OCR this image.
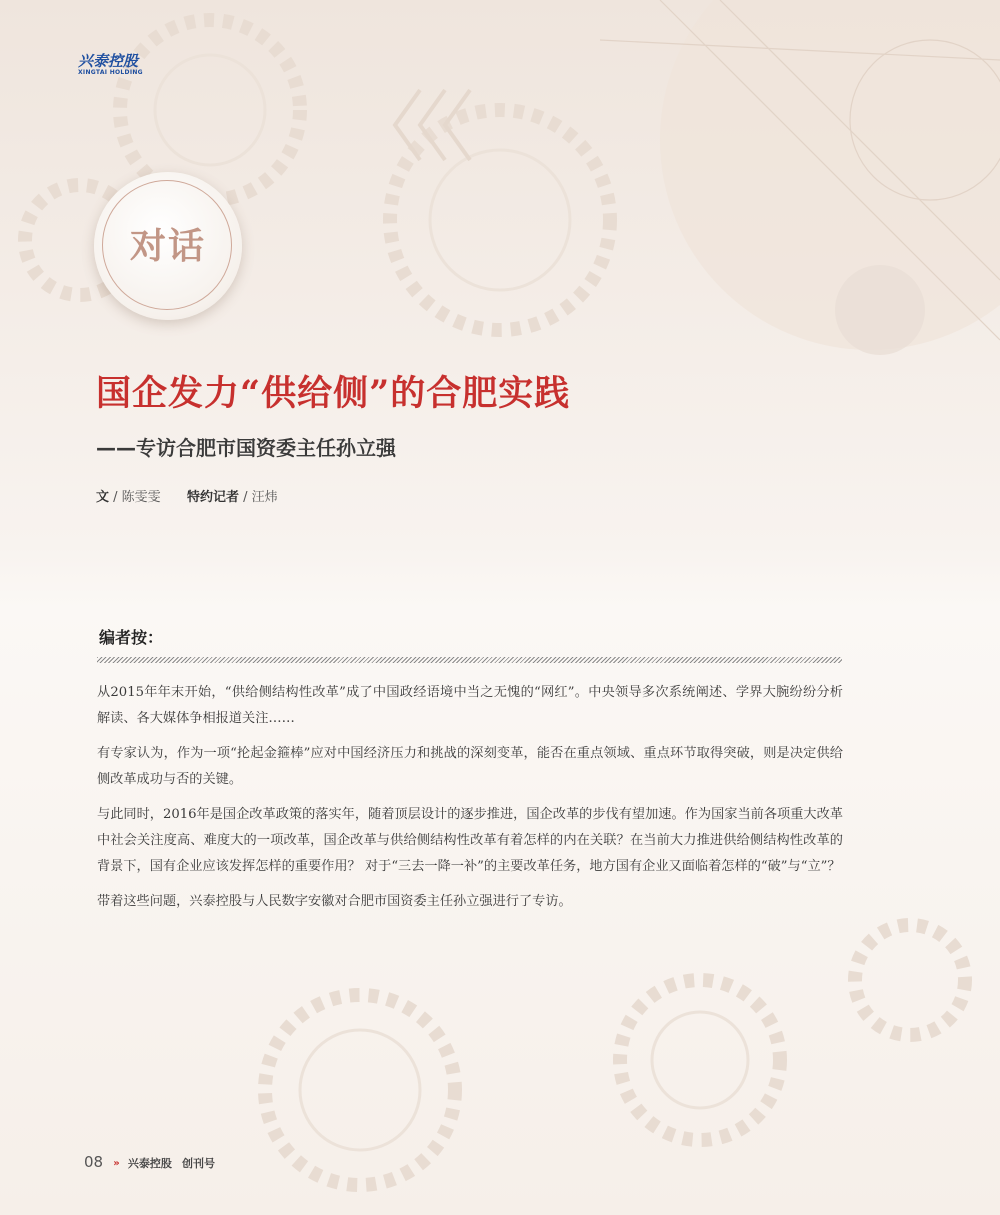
兴泰控股
XINGTAI HOLDING
对话
国企发力“供给侧”的合肥实践
——专访合肥市国资委主任孙立强
文 / 陈雯雯 特约记者 / 汪炜
编者按：

从2015年年末开始，“供给侧结构性改革”成了中国政经语境中当之无愧的“网红”。中央领导多次系统阐述、学界大腕纷纷分析解读、各大媒体争相报道关注……

有专家认为，作为一项“抡起金箍棒”应对中国经济压力和挑战的深刻变革，能否在重点领域、重点环节取得突破，则是决定供给侧改革成功与否的关键。

与此同时，2016年是国企改革政策的落实年，随着顶层设计的逐步推进，国企改革的步伐有望加速。作为国家当前各项重大改革中社会关注度高、难度大的一项改革，国企改革与供给侧结构性改革有着怎样的内在关联？在当前大力推进供给侧结构性改革的背景下，国有企业应该发挥怎样的重要作用？ 对于“三去一降一补”的主要改革任务，地方国有企业又面临着怎样的“破”与“立”？

带着这些问题，兴泰控股与人民数字安徽对合肥市国资委主任孙立强进行了专访。

08 » 兴泰控股 创刊号
